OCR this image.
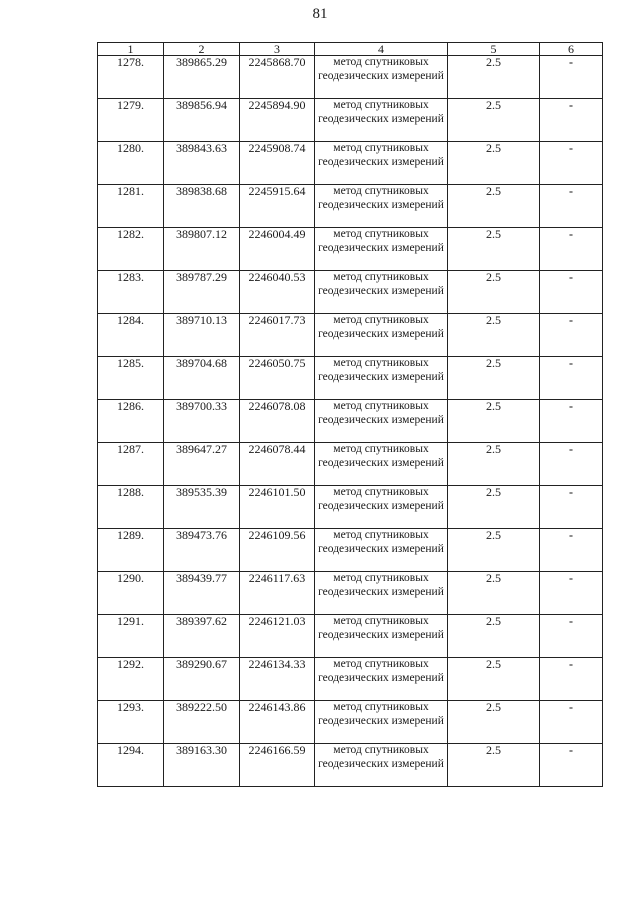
81
1	2	3	4	5	6
1278.	389865.29	2245868.70	метод спутниковых геодезических измерений	2.5	-
1279.	389856.94	2245894.90	метод спутниковых геодезических измерений	2.5	-
1280.	389843.63	2245908.74	метод спутниковых геодезических измерений	2.5	-
1281.	389838.68	2245915.64	метод спутниковых геодезических измерений	2.5	-
1282.	389807.12	2246004.49	метод спутниковых геодезических измерений	2.5	-
1283.	389787.29	2246040.53	метод спутниковых геодезических измерений	2.5	-
1284.	389710.13	2246017.73	метод спутниковых геодезических измерений	2.5	-
1285.	389704.68	2246050.75	метод спутниковых геодезических измерений	2.5	-
1286.	389700.33	2246078.08	метод спутниковых геодезических измерений	2.5	-
1287.	389647.27	2246078.44	метод спутниковых геодезических измерений	2.5	-
1288.	389535.39	2246101.50	метод спутниковых геодезических измерений	2.5	-
1289.	389473.76	2246109.56	метод спутниковых геодезических измерений	2.5	-
1290.	389439.77	2246117.63	метод спутниковых геодезических измерений	2.5	-
1291.	389397.62	2246121.03	метод спутниковых геодезических измерений	2.5	-
1292.	389290.67	2246134.33	метод спутниковых геодезических измерений	2.5	-
1293.	389222.50	2246143.86	метод спутниковых геодезических измерений	2.5	-
1294.	389163.30	2246166.59	метод спутниковых геодезических измерений	2.5	-
